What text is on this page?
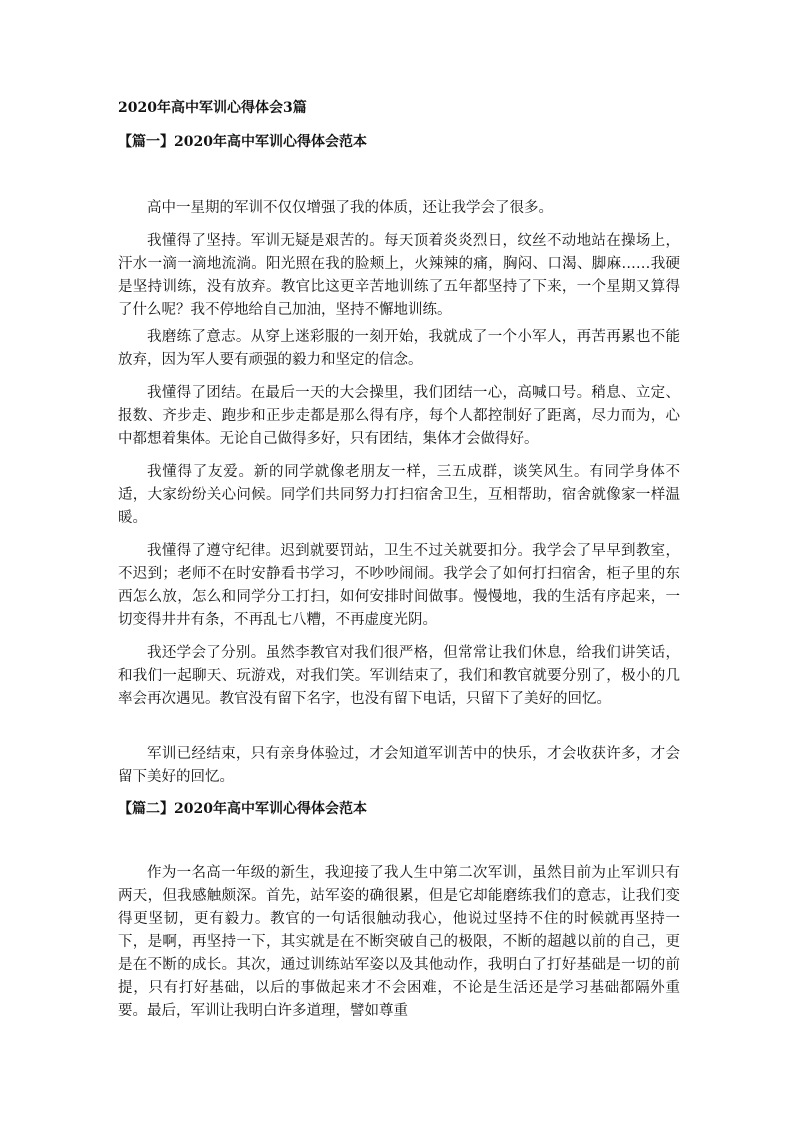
2020年高中军训心得体会3篇
【篇一】2020年高中军训心得体会范本

高中一星期的军训不仅仅增强了我的体质，还让我学会了很多。

我懂得了坚持。军训无疑是艰苦的。每天顶着炎炎烈日，纹丝不动地站在操场上，汗水一滴一滴地流淌。阳光照在我的脸颊上，火辣辣的痛，胸闷、口渴、脚麻……我硬是坚持训练，没有放弃。教官比这更辛苦地训练了五年都坚持了下来，一个星期又算得了什么呢？我不停地给自己加油，坚持不懈地训练。

我磨练了意志。从穿上迷彩服的一刻开始，我就成了一个小军人，再苦再累也不能放弃，因为军人要有顽强的毅力和坚定的信念。

我懂得了团结。在最后一天的大会操里，我们团结一心，高喊口号。稍息、立定、报数、齐步走、跑步和正步走都是那么得有序，每个人都控制好了距离，尽力而为，心中都想着集体。无论自己做得多好，只有团结，集体才会做得好。

我懂得了友爱。新的同学就像老朋友一样，三五成群，谈笑风生。有同学身体不适，大家纷纷关心问候。同学们共同努力打扫宿舍卫生，互相帮助，宿舍就像家一样温暖。

我懂得了遵守纪律。迟到就要罚站，卫生不过关就要扣分。我学会了早早到教室，不迟到；老师不在时安静看书学习，不吵吵闹闹。我学会了如何打扫宿舍，柜子里的东西怎么放，怎么和同学分工打扫，如何安排时间做事。慢慢地，我的生活有序起来，一切变得井井有条，不再乱七八糟，不再虚度光阴。

我还学会了分别。虽然李教官对我们很严格，但常常让我们休息，给我们讲笑话，和我们一起聊天、玩游戏，对我们笑。军训结束了，我们和教官就要分别了，极小的几率会再次遇见。教官没有留下名字，也没有留下电话，只留下了美好的回忆。

军训已经结束，只有亲身体验过，才会知道军训苦中的快乐，才会收获许多，才会留下美好的回忆。

【篇二】2020年高中军训心得体会范本

作为一名高一年级的新生，我迎接了我人生中第二次军训，虽然目前为止军训只有两天，但我感触颇深。首先，站军姿的确很累，但是它却能磨练我们的意志，让我们变得更坚韧，更有毅力。教官的一句话很触动我心，他说过坚持不住的时候就再坚持一下，是啊，再坚持一下，其实就是在不断突破自己的极限，不断的超越以前的自己，更是在不断的成长。其次，通过训练站军姿以及其他动作，我明白了打好基础是一切的前提，只有打好基础，以后的事做起来才不会困难，不论是生活还是学习基础都隔外重要。最后，军训让我明白许多道理，譬如尊重
